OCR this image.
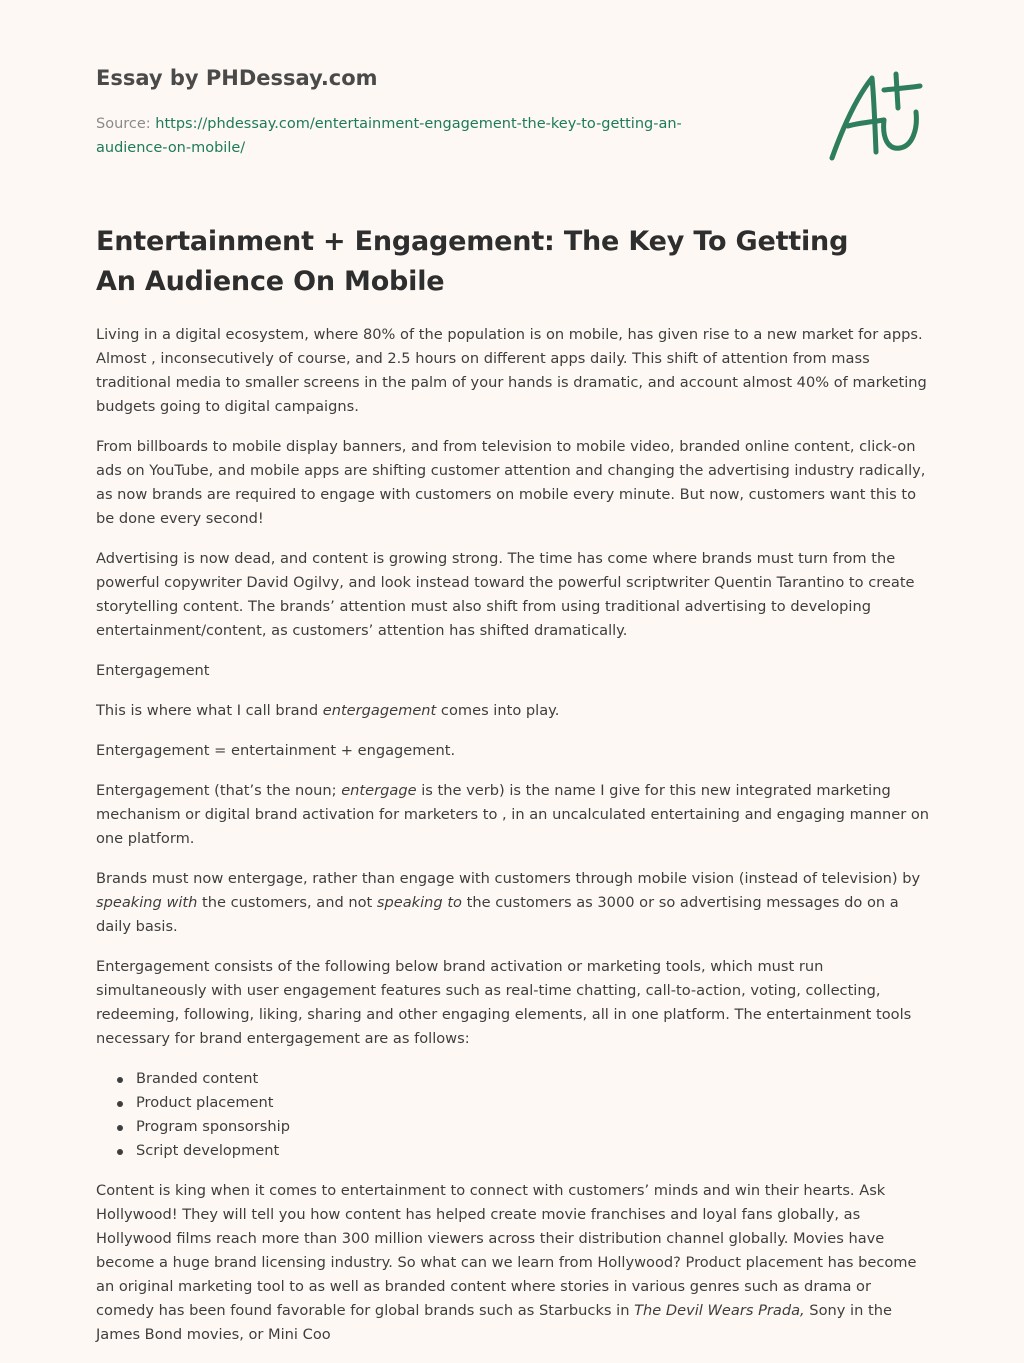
Essay by PHDessay.com
Source: https://phdessay.com/entertainment-engagement-the-key-to-getting-an-audience-on-mobile/
Entertainment + Engagement: The Key To Getting An Audience On Mobile

Living in a digital ecosystem, where 80% of the population is on mobile, has given rise to a new market for apps. Almost , inconsecutively of course, and 2.5 hours on different apps daily. This shift of attention from mass traditional media to smaller screens in the palm of your hands is dramatic, and account almost 40% of marketing budgets going to digital campaigns.

From billboards to mobile display banners, and from television to mobile video, branded online content, click-on ads on YouTube, and mobile apps are shifting customer attention and changing the advertising industry radically, as now brands are required to engage with customers on mobile every minute. But now, customers want this to be done every second!

Advertising is now dead, and content is growing strong. The time has come where brands must turn from the powerful copywriter David Ogilvy, and look instead toward the powerful scriptwriter Quentin Tarantino to create storytelling content. The brands’ attention must also shift from using traditional advertising to developing entertainment/content, as customers’ attention has shifted dramatically.

Entergagement

This is where what I call brand entergagement comes into play.

Entergagement = entertainment + engagement.

Entergagement (that’s the noun; entergage is the verb) is the name I give for this new integrated marketing mechanism or digital brand activation for marketers to , in an uncalculated entertaining and engaging manner on one platform.

Brands must now entergage, rather than engage with customers through mobile vision (instead of television) by speaking with the customers, and not speaking to the customers as 3000 or so advertising messages do on a daily basis.

Entergagement consists of the following below brand activation or marketing tools, which must run simultaneously with user engagement features such as real-time chatting, call-to-action, voting, collecting, redeeming, following, liking, sharing and other engaging elements, all in one platform. The entertainment tools necessary for brand entergagement are as follows:

Branded content
Product placement
Program sponsorship
Script development

Content is king when it comes to entertainment to connect with customers’ minds and win their hearts. Ask Hollywood! They will tell you how content has helped create movie franchises and loyal fans globally, as Hollywood films reach more than 300 million viewers across their distribution channel globally. Movies have become a huge brand licensing industry. So what can we learn from Hollywood? Product placement has become an original marketing tool to as well as branded content where stories in various genres such as drama or comedy has been found favorable for global brands such as Starbucks in The Devil Wears Prada, Sony in the James Bond movies, or Mini Coo
